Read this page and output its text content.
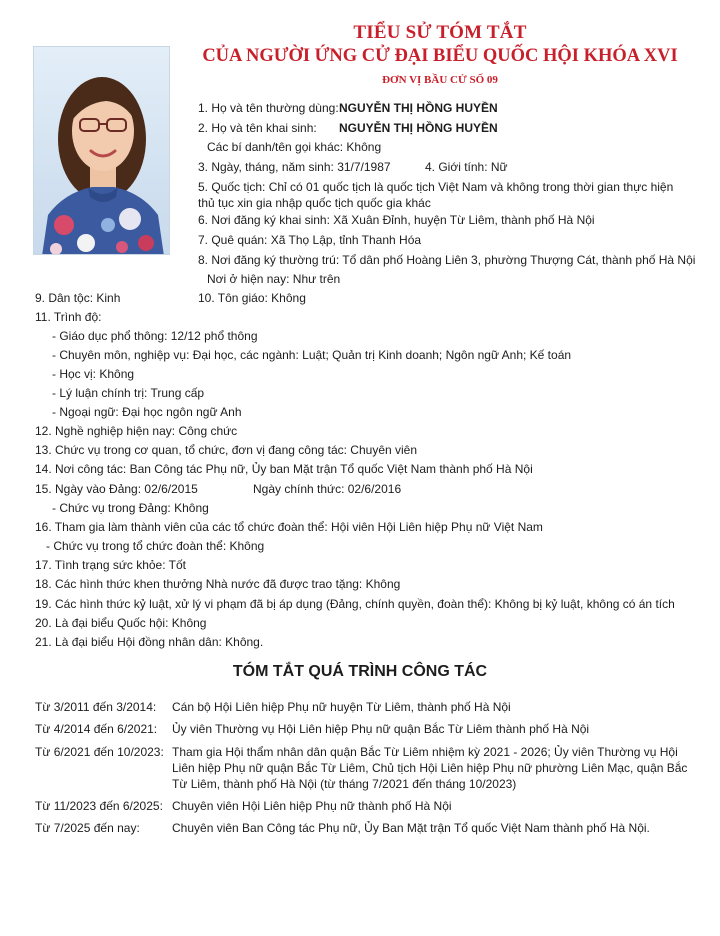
TIỂU SỬ TÓM TẮT
CỦA NGƯỜI ỨNG CỬ ĐẠI BIỂU QUỐC HỘI KHÓA XVI
ĐƠN VỊ BẦU CỬ SỐ 09
1. Họ và tên thường dùng: NGUYỄN THỊ HỒNG HUYỀN
2. Họ và tên khai sinh: NGUYỄN THỊ HỒNG HUYỀN
Các bí danh/tên gọi khác: Không
3. Ngày, tháng, năm sinh: 31/7/1987	4. Giới tính: Nữ
5. Quốc tịch: Chỉ có 01 quốc tịch là quốc tịch Việt Nam và không trong thời gian thực hiện thủ tục xin gia nhập quốc tịch quốc gia khác
6. Nơi đăng ký khai sinh: Xã Xuân Đỉnh, huyện Từ Liêm, thành phố Hà Nội
7. Quê quán: Xã Thọ Lập, tỉnh Thanh Hóa
8. Nơi đăng ký thường trú: Tổ dân phố Hoàng Liên 3, phường Thượng Cát, thành phố Hà Nội
Nơi ở hiện nay: Như trên
9. Dân tộc: Kinh	10. Tôn giáo: Không
11. Trình độ:
- Giáo dục phổ thông: 12/12 phổ thông
- Chuyên môn, nghiệp vụ: Đại học, các ngành: Luật; Quản trị Kinh doanh; Ngôn ngữ Anh; Kế toán
- Học vị: Không
- Lý luận chính trị: Trung cấp
- Ngoại ngữ: Đại học ngôn ngữ Anh
12. Nghề nghiệp hiện nay: Công chức
13. Chức vụ trong cơ quan, tổ chức, đơn vị đang công tác: Chuyên viên
14. Nơi công tác: Ban Công tác Phụ nữ, Ủy ban Mặt trận Tổ quốc Việt Nam thành phố Hà Nội
15. Ngày vào Đảng: 02/6/2015	Ngày chính thức: 02/6/2016
- Chức vụ trong Đảng: Không
16. Tham gia làm thành viên của các tổ chức đoàn thể: Hội viên Hội Liên hiệp Phụ nữ Việt Nam
- Chức vụ trong tổ chức đoàn thể: Không
17. Tình trạng sức khỏe: Tốt
18. Các hình thức khen thưởng Nhà nước đã được trao tặng: Không
19. Các hình thức kỷ luật, xử lý vi phạm đã bị áp dụng (Đảng, chính quyền, đoàn thể): Không bị kỷ luật, không có án tích
20. Là đại biểu Quốc hội: Không
21. Là đại biểu Hội đồng nhân dân: Không.
TÓM TẮT QUÁ TRÌNH CÔNG TÁC
Từ 3/2011 đến 3/2014: Cán bộ Hội Liên hiệp Phụ nữ huyện Từ Liêm, thành phố Hà Nội
Từ 4/2014 đến 6/2021: Ủy viên Thường vụ Hội Liên hiệp Phụ nữ quận Bắc Từ Liêm thành phố Hà Nội
Từ 6/2021 đến 10/2023: Tham gia Hội thẩm nhân dân quận Bắc Từ Liêm nhiệm kỳ 2021 - 2026; Ủy viên Thường vụ Hội Liên hiệp Phụ nữ quận Bắc Từ Liêm, Chủ tịch Hội Liên hiệp Phụ nữ phường Liên Mạc, quận Bắc Từ Liêm, thành phố Hà Nội (từ tháng 7/2021 đến tháng 10/2023)
Từ 11/2023 đến 6/2025: Chuyên viên Hội Liên hiệp Phụ nữ thành phố Hà Nội
Từ 7/2025 đến nay:	Chuyên viên Ban Công tác Phụ nữ, Ủy Ban Mặt trận Tổ quốc Việt Nam thành phố Hà Nội.
